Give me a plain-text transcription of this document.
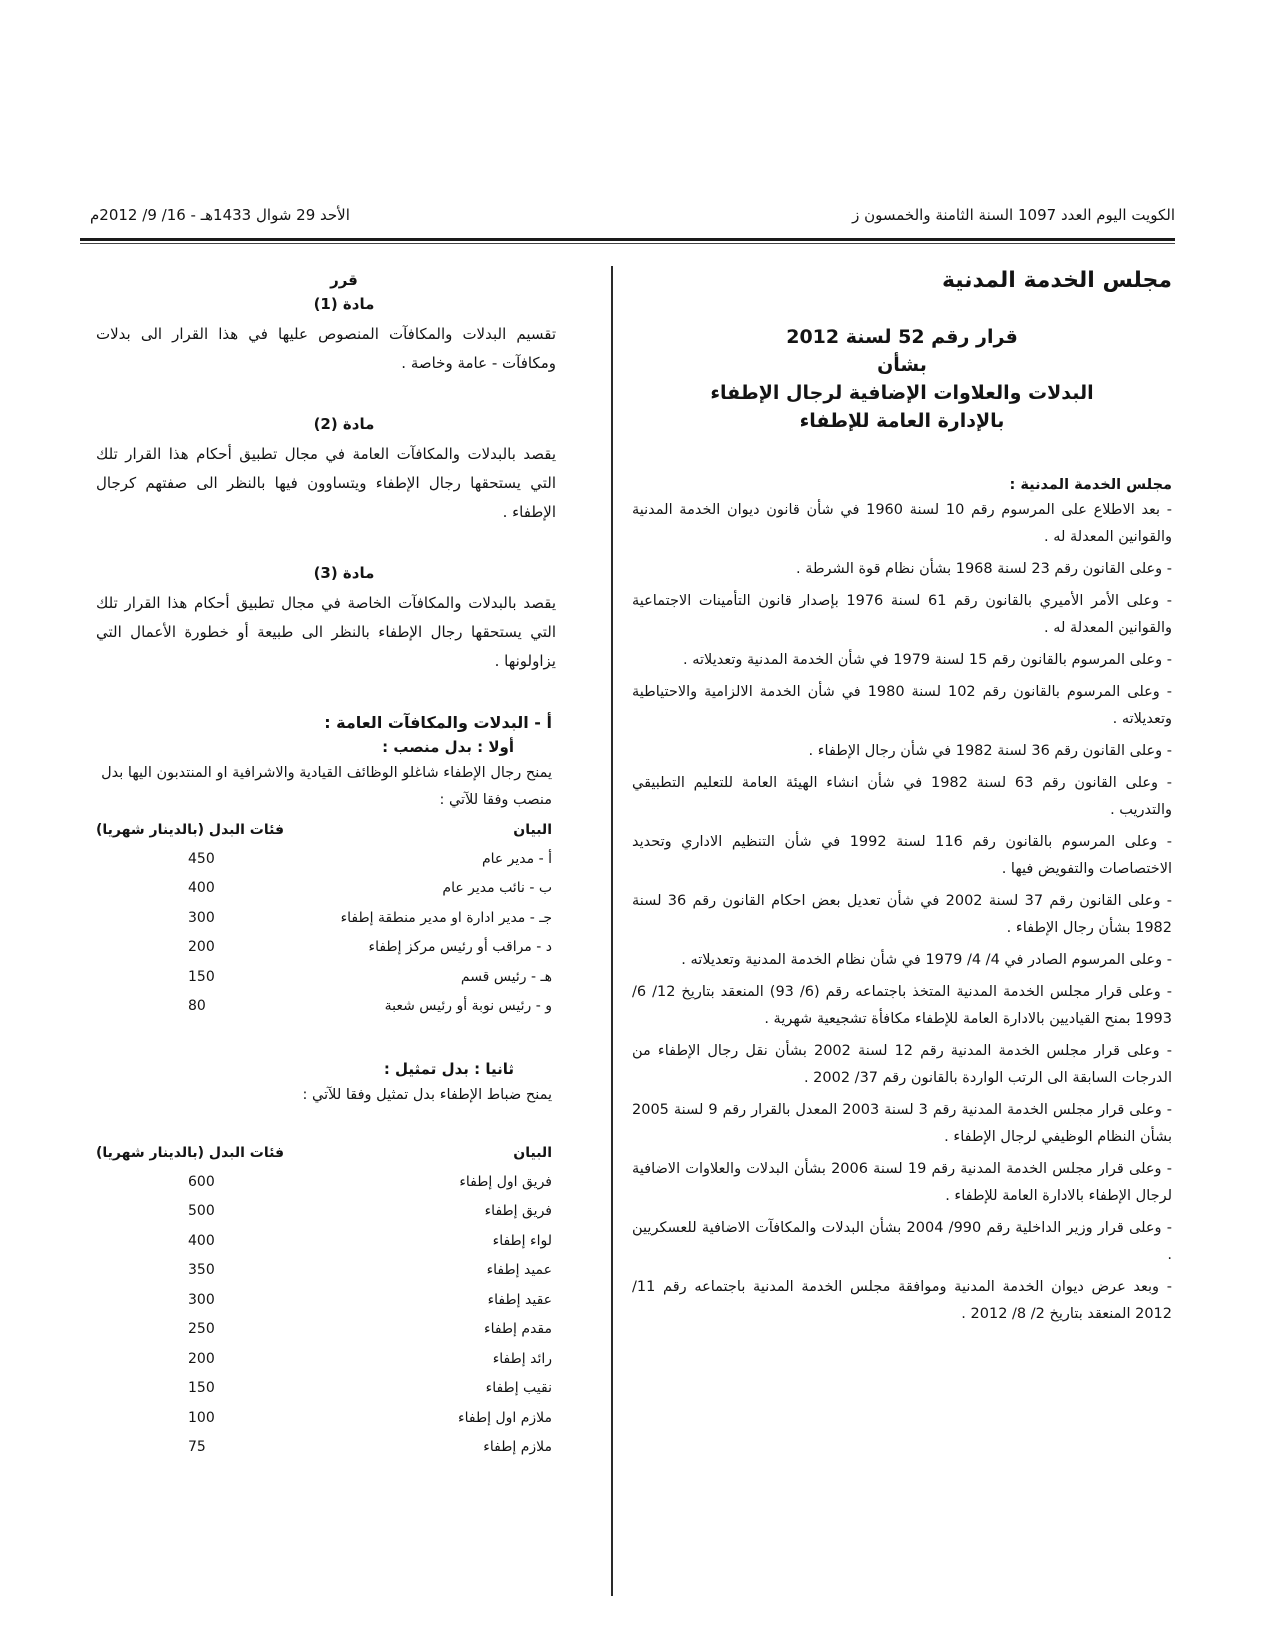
الكويت اليوم العدد 1097 السنة الثامنة والخمسون ز
الأحد 29 شوال 1433هـ - 16/ 9/ 2012م
مجلس الخدمة المدنية
قرار رقم 52 لسنة 2012
بشأن
البدلات والعلاوات الإضافية لرجال الإطفاء
بالإدارة العامة للإطفاء
مجلس الخدمة المدنية :

- بعد الاطلاع على المرسوم رقم 10 لسنة 1960 في شأن قانون ديوان الخدمة المدنية والقوانين المعدلة له .

- وعلى القانون رقم 23 لسنة 1968 بشأن نظام قوة الشرطة .

- وعلى الأمر الأميري بالقانون رقم 61 لسنة 1976 بإصدار قانون التأمينات الاجتماعية والقوانين المعدلة له .

- وعلى المرسوم بالقانون رقم 15 لسنة 1979 في شأن الخدمة المدنية وتعديلاته .

- وعلى المرسوم بالقانون رقم 102 لسنة 1980 في شأن الخدمة الالزامية والاحتياطية وتعديلاته .

- وعلى القانون رقم 36 لسنة 1982 في شأن رجال الإطفاء .

- وعلى القانون رقم 63 لسنة 1982 في شأن انشاء الهيئة العامة للتعليم التطبيقي والتدريب .

- وعلى المرسوم بالقانون رقم 116 لسنة 1992 في شأن التنظيم الاداري وتحديد الاختصاصات والتفويض فيها .

- وعلى القانون رقم 37 لسنة 2002 في شأن تعديل بعض احكام القانون رقم 36 لسنة 1982 بشأن رجال الإطفاء .

- وعلى المرسوم الصادر في 4/ 4/ 1979 في شأن نظام الخدمة المدنية وتعديلاته .

- وعلى قرار مجلس الخدمة المدنية المتخذ باجتماعه رقم (6/ 93) المنعقد بتاريخ 12/ 6/ 1993 بمنح القياديين بالادارة العامة للإطفاء مكافأة تشجيعية شهرية .

- وعلى قرار مجلس الخدمة المدنية رقم 12 لسنة 2002 بشأن نقل رجال الإطفاء من الدرجات السابقة الى الرتب الواردة بالقانون رقم 37/ 2002 .

- وعلى قرار مجلس الخدمة المدنية رقم 3 لسنة 2003 المعدل بالقرار رقم 9 لسنة 2005 بشأن النظام الوظيفي لرجال الإطفاء .

- وعلى قرار مجلس الخدمة المدنية رقم 19 لسنة 2006 بشأن البدلات والعلاوات الاضافية لرجال الإطفاء بالادارة العامة للإطفاء .

- وعلى قرار وزير الداخلية رقم 990/ 2004 بشأن البدلات والمكافآت الاضافية للعسكريين .

- وبعد عرض ديوان الخدمة المدنية وموافقة مجلس الخدمة المدنية باجتماعه رقم 11/ 2012 المنعقد بتاريخ 2/ 8/ 2012 .

قرر
مادة (1)

تقسيم البدلات والمكافآت المنصوص عليها في هذا القرار الى بدلات ومكافآت - عامة وخاصة .

مادة (2)

يقصد بالبدلات والمكافآت العامة في مجال تطبيق أحكام هذا القرار تلك التي يستحقها رجال الإطفاء ويتساوون فيها بالنظر الى صفتهم كرجال الإطفاء .

مادة (3)

يقصد بالبدلات والمكافآت الخاصة في مجال تطبيق أحكام هذا القرار تلك التي يستحقها رجال الإطفاء بالنظر الى طبيعة أو خطورة الأعمال التي يزاولونها .

أ - البدلات والمكافآت العامة :
أولا : بدل منصب :
يمنح رجال الإطفاء شاغلو الوظائف القيادية والاشرافية او المنتدبون اليها بدل منصب وفقا للآتي :
البيان	فئات البدل (بالدينار شهريا)
أ - مدير عام	450
ب - نائب مدير عام	400
جـ - مدير ادارة او مدير منطقة إطفاء	300
د - مراقب أو رئيس مركز إطفاء	200
هـ - رئيس قسم	150
و - رئيس نوبة أو رئيس شعبة	80
ثانيا : بدل تمثيل :
يمنح ضباط الإطفاء بدل تمثيل وفقا للآتي :
البيان	فئات البدل (بالدينار شهريا)
فريق اول إطفاء	600
فريق إطفاء	500
لواء إطفاء	400
عميد إطفاء	350
عقيد إطفاء	300
مقدم إطفاء	250
رائد إطفاء	200
نقيب إطفاء	150
ملازم اول إطفاء	100
ملازم إطفاء	75
